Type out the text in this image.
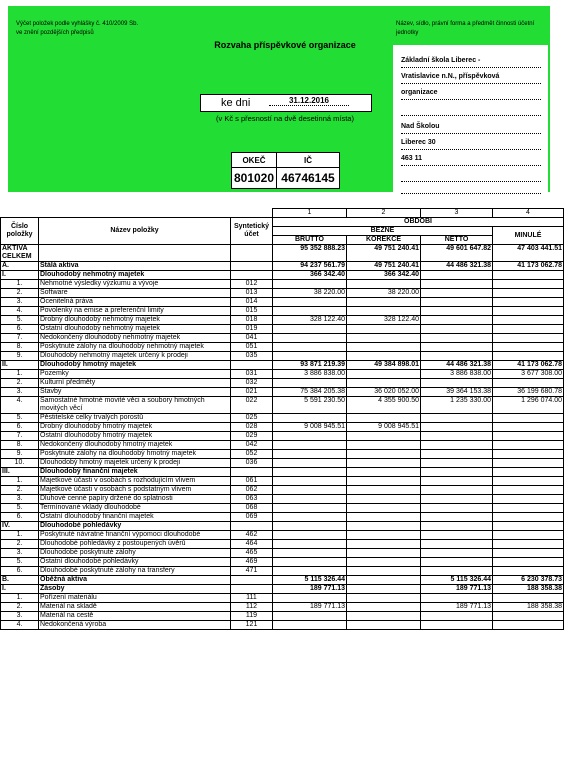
Výčet položek podle vyhlášky č. 410/2009 Sb. ve znění pozdějších předpisů
Rozvaha příspěvkové organizace
ke dni	31.12.2016
(v Kč s přesností na dvě desetinná místa)
OKEČ	IČ
801020	46746145
Název, sídlo, právní forma a předmět činnosti účetní jednotky
Základní škola Liberec -
Vratislavice n.N., příspěvková
organizace
Nad Školou
Liberec 30
463 11
			1	2	3	4
Číslo položky	Název položky	Syntetický účet	OBDOBÍ			
			BĚŽNÉ			MINULÉ
			BRUTTO	KOREKCE	NETTO	
AKTIVA CELKEM			95 352 888.23	49 751 240.41	49 601 647.82	47 403 441.51
A.	Stálá aktiva		94 237 561.79	49 751 240.41	44 486 321.38	41 173 062.78
I.	Dlouhodobý nehmotný majetek		366 342.40	366 342.40		
1.	Nehmotné výsledky výzkumu a vývoje	012				
2.	Software	013	38 220.00	38 220.00		
3.	Ocenitelná práva	014				
4.	Povolenky na emise a preferenční limity	015				
5.	Drobný dlouhodobý nehmotný majetek	018	328 122.40	328 122.40		
6.	Ostatní dlouhodobý nehmotný majetek	019				
7.	Nedokončený dlouhodobý nehmotný majetek	041				
8.	Poskytnuté zálohy na dlouhodobý nehmotný majetek	051				
9.	Dlouhodobý nehmotný majetek určený k prodeji	035				
II.	Dlouhodobý hmotný majetek		93 871 219.39	49 384 898.01	44 486 321.38	41 173 062.78
1.	Pozemky	031	3 886 838.00		3 886 838.00	3 677 308.00
2.	Kulturní předměty	032				
3.	Stavby	021	75 384 205.38	36 020 052.00	39 364 153.38	36 199 680.78
4.	Samostatné hmotné movité věci a soubory hmotných movitých věcí	022	5 591 230.50	4 355 900.50	1 235 330.00	1 296 074.00
5.	Pěstitelské celky trvalých porostů	025				
6.	Drobný dlouhodobý hmotný majetek	028	9 008 945.51	9 008 945.51		
7.	Ostatní dlouhodobý hmotný majetek	029				
8.	Nedokončený dlouhodobý hmotný majetek	042				
9.	Poskytnuté zálohy na dlouhodobý hmotný majetek	052				
10.	Dlouhodobý hmotný majetek určený k prodeji	036				
III.	Dlouhodobý finanční majetek					
1.	Majetkové účasti v osobách s rozhodujícím vlivem	061				
2.	Majetkové účasti v osobách s podstatným vlivem	062				
3.	Dluhové cenné papíry držené do splatnosti	063				
5.	Termínované vklady dlouhodobé	068				
6.	Ostatní dlouhodobý finanční majetek	069				
IV.	Dlouhodobé pohledávky					
1.	Poskytnuté návratné finanční výpomoci dlouhodobé	462				
2.	Dlouhodobé pohledávky z postoupených úvěrů	464				
3.	Dlouhodobé poskytnuté zálohy	465				
5.	Ostatní dlouhodobé pohledávky	469				
6.	Dlouhodobé poskytnuté zálohy na transfery	471				
B.	Oběžná aktiva		5 115 326.44		5 115 326.44	6 230 378.73
I.	Zásoby		189 771.13		189 771.13	188 358.38
1.	Pořízení materiálu	111				
2.	Materiál na skladě	112	189 771.13		189 771.13	188 358.38
3.	Materiál na cestě	119				
4.	Nedokončená výroba	121				
